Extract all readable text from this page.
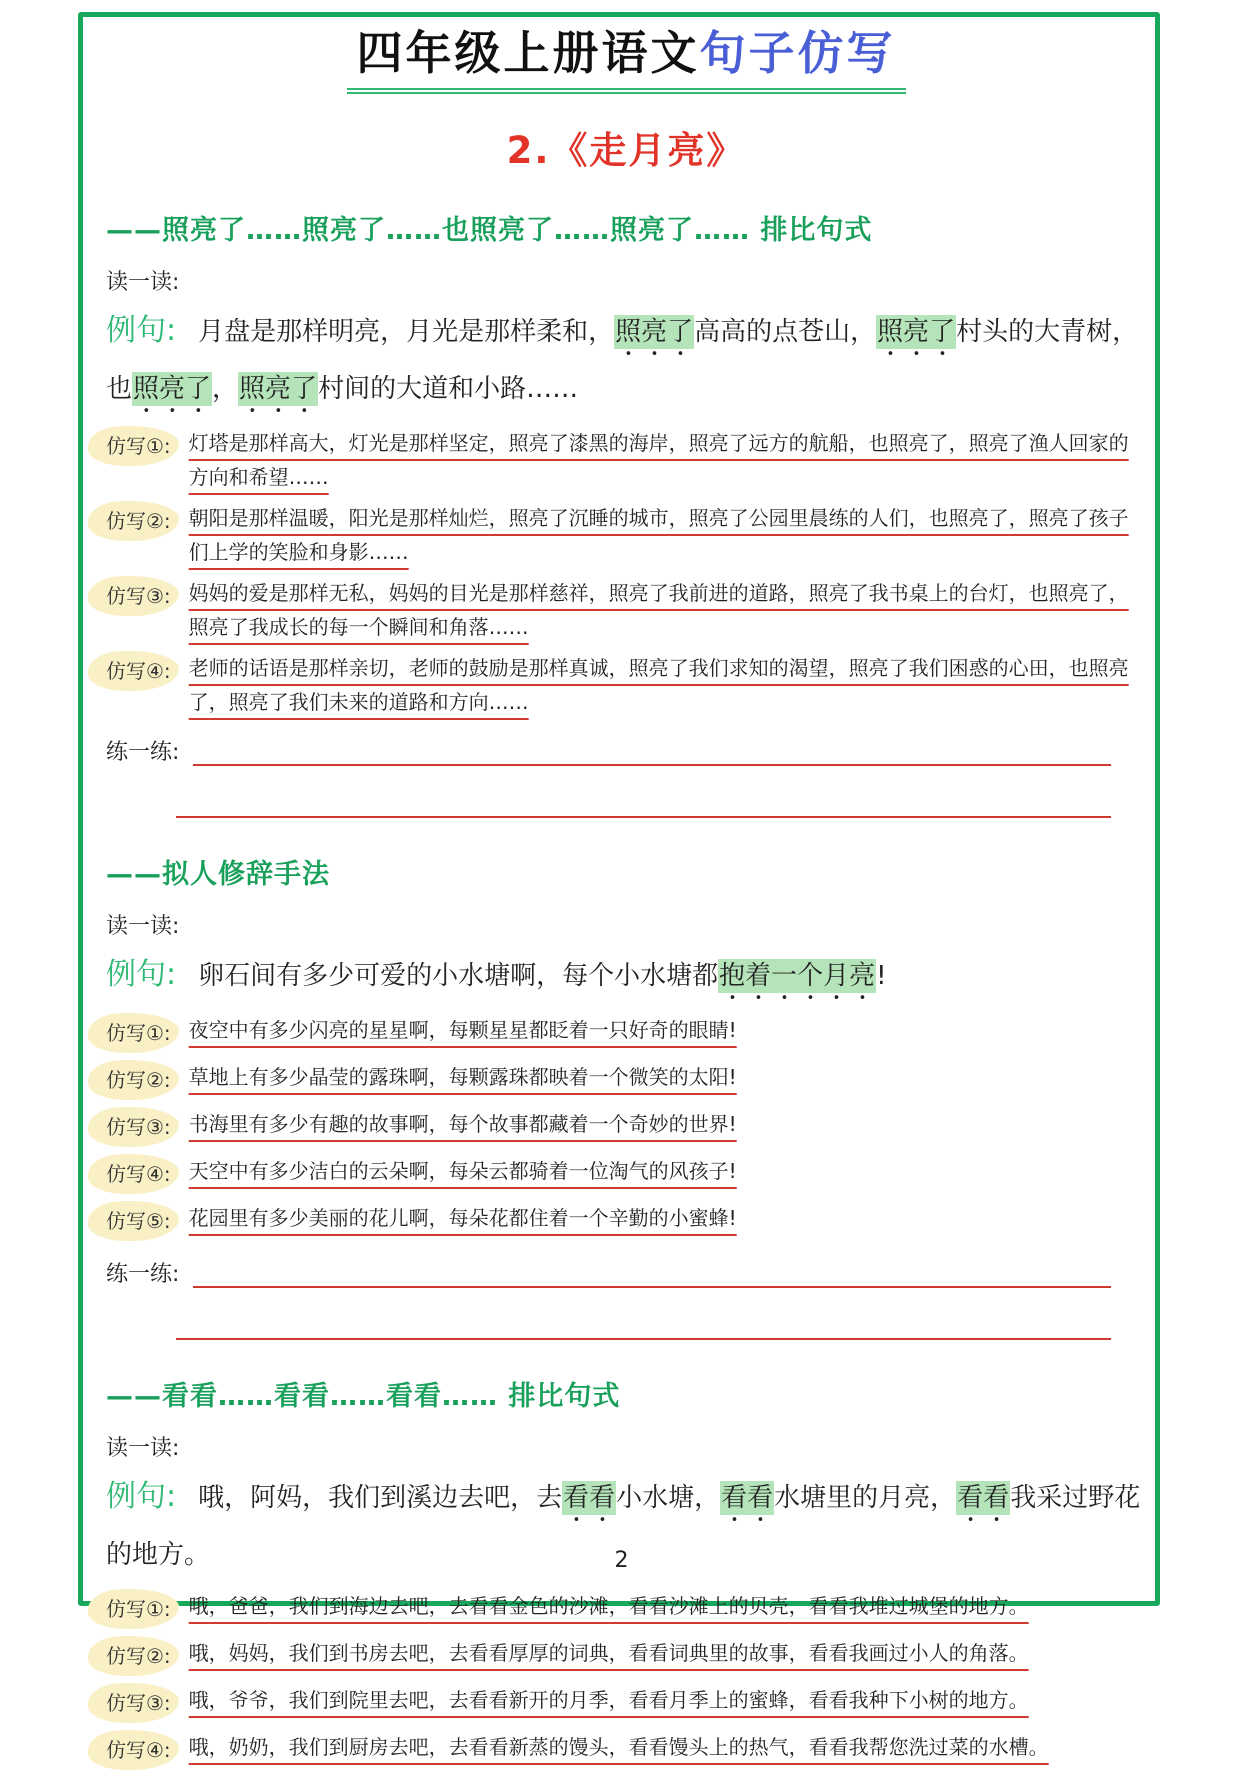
四年级上册语文句子仿写
2.《走月亮》
——照亮了……照亮了……也照亮了……照亮了…… 排比句式
读一读:

例句: 月盘是那样明亮，月光是那样柔和，照亮了高高的点苍山，照亮了村头的大青树，也照亮了，照亮了村间的大道和小路……

仿写①: 灯塔是那样高大，灯光是那样坚定，照亮了漆黑的海岸，照亮了远方的航船，也照亮了，照亮了渔人回家的方向和希望……
仿写②: 朝阳是那样温暖，阳光是那样灿烂，照亮了沉睡的城市，照亮了公园里晨练的人们，也照亮了，照亮了孩子们上学的笑脸和身影……
仿写③: 妈妈的爱是那样无私，妈妈的目光是那样慈祥，照亮了我前进的道路，照亮了我书桌上的台灯，也照亮了，照亮了我成长的每一个瞬间和角落……
仿写④: 老师的话语是那样亲切，老师的鼓励是那样真诚，照亮了我们求知的渴望，照亮了我们困惑的心田，也照亮了，照亮了我们未来的道路和方向……
练一练:
——拟人修辞手法
读一读:

例句: 卵石间有多少可爱的小水塘啊，每个小水塘都抱着一个月亮!

仿写①: 夜空中有多少闪亮的星星啊，每颗星星都眨着一只好奇的眼睛!
仿写②: 草地上有多少晶莹的露珠啊，每颗露珠都映着一个微笑的太阳!
仿写③: 书海里有多少有趣的故事啊，每个故事都藏着一个奇妙的世界!
仿写④: 天空中有多少洁白的云朵啊，每朵云都骑着一位淘气的风孩子!
仿写⑤: 花园里有多少美丽的花儿啊，每朵花都住着一个辛勤的小蜜蜂!
练一练:
——看看……看看……看看…… 排比句式
读一读:

例句: 哦，阿妈，我们到溪边去吧，去看看小水塘，看看水塘里的月亮，看看我采过野花的地方。

仿写①: 哦，爸爸，我们到海边去吧，去看看金色的沙滩，看看沙滩上的贝壳，看看我堆过城堡的地方。
仿写②: 哦，妈妈，我们到书房去吧，去看看厚厚的词典，看看词典里的故事，看看我画过小人的角落。
仿写③: 哦，爷爷，我们到院里去吧，去看看新开的月季，看看月季上的蜜蜂，看看我种下小树的地方。
仿写④: 哦，奶奶，我们到厨房去吧，去看看新蒸的馒头，看看馒头上的热气，看看我帮您洗过菜的水槽。
2
